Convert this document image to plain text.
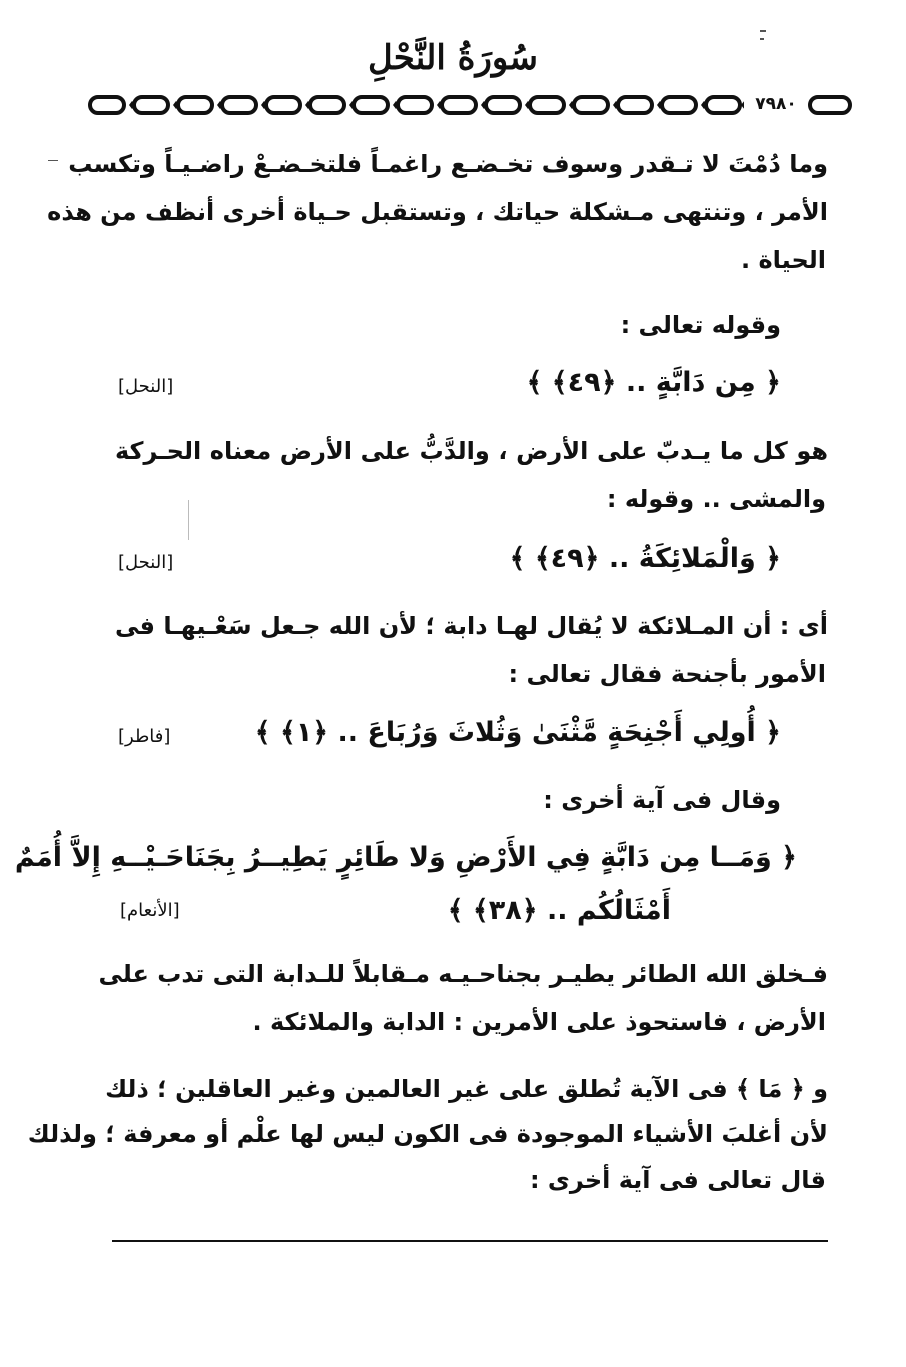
سُورَةُ النَّحْلِ
٧٩٨٠
وما دُمْتَ لا تـقدر وسوف تخـضـع راغمـاً فلتخـضـعْ راضـيـاً وتكسب
الأمر ، وتنتهى مـشكلة حياتك ، وتستقبل حـياة أخرى أنظف من هذه
الحياة .
وقوله تعالى :
﴿ مِن دَابَّةٍ .. ﴿٤٩﴾ ﴾
[النحل]
هو كل ما يـدبّ على الأرض ، والدَّبُّ على الأرض معناه الحـركة
والمشى .. وقوله :
﴿ وَالْمَلائِكَةُ .. ﴿٤٩﴾ ﴾
[النحل]
أى : أن المـلائكة لا يُقال لهـا دابة ؛ لأن الله جـعل سَعْـيهـا فى
الأمور بأجنحة فقال تعالى :
﴿ أُولِي أَجْنِحَةٍ مَّثْنَىٰ وَثُلاثَ وَرُبَاعَ .. ﴿١﴾ ﴾
[فاطر]
وقال فى آية أخرى :
﴿ وَمَــا مِن دَابَّةٍ فِي الأَرْضِ وَلا طَائِرٍ يَطِيــرُ بِجَنَاحَـيْــهِ إِلاَّ أُمَمٌ
أَمْثَالُكُم .. ﴿٣٨﴾ ﴾
[الأنعام]
فـخلق الله الطائر يطيـر بجناحـيـه مـقابلاً للـدابة التى تدب على
الأرض ، فاستحوذ على الأمرين : الدابة والملائكة .
و ﴿ مَا ﴾ فى الآية تُطلق على غير العالمين وغير العاقلين ؛ ذلك
لأن أغلبَ الأشياء الموجودة فى الكون ليس لها علْم أو معرفة ؛ ولذلك
قال تعالى فى آية أخرى :
